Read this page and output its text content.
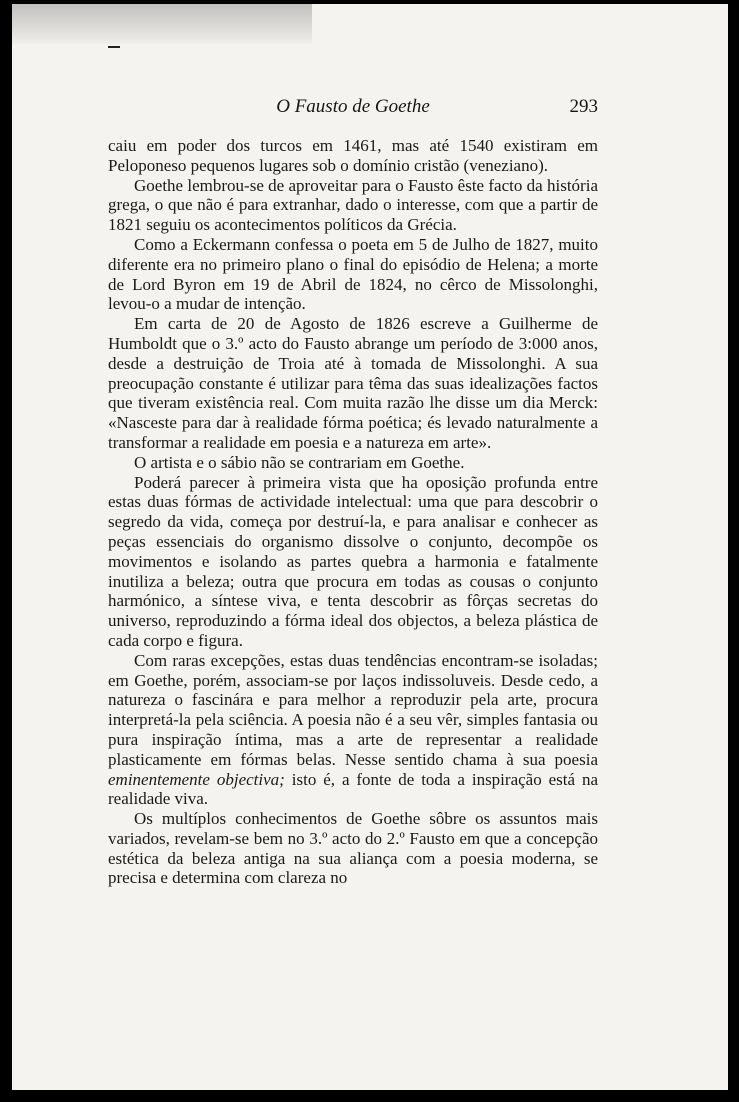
O Fausto de Goethe	293

caiu em poder dos turcos em 1461, mas até 1540 existiram em Peloponeso pequenos lugares sob o domínio cristão (veneziano).

Goethe lembrou-se de aproveitar para o Fausto êste facto da história grega, o que não é para extranhar, dado o interesse, com que a partir de 1821 seguiu os acontecimentos políticos da Grécia.

Como a Eckermann confessa o poeta em 5 de Julho de 1827, muito diferente era no primeiro plano o final do episódio de Helena; a morte de Lord Byron em 19 de Abril de 1824, no cêrco de Missolonghi, levou-o a mudar de intenção.

Em carta de 20 de Agosto de 1826 escreve a Guilherme de Humboldt que o 3.º acto do Fausto abrange um período de 3:000 anos, desde a destruição de Troia até à tomada de Missolonghi. A sua preocupação constante é utilizar para têma das suas idealizações factos que tiveram existência real. Com muita razão lhe disse um dia Merck: «Nasceste para dar à realidade fórma poética; és levado naturalmente a transformar a realidade em poesia e a natureza em arte».

O artista e o sábio não se contrariam em Goethe.

Poderá parecer à primeira vista que ha oposição profunda entre estas duas fórmas de actividade intelectual: uma que para descobrir o segredo da vida, começa por destruí-la, e para analisar e conhecer as peças essenciais do organismo dissolve o conjunto, decompõe os movimentos e isolando as partes quebra a harmonia e fatalmente inutiliza a beleza; outra que procura em todas as cousas o conjunto harmónico, a síntese viva, e tenta descobrir as fôrças secretas do universo, reproduzindo a fórma ideal dos objectos, a beleza plástica de cada corpo e figura.

Com raras excepções, estas duas tendências encontram-se isoladas; em Goethe, porém, associam-se por laços indissoluveis. Desde cedo, a natureza o fascinára e para melhor a reproduzir pela arte, procura interpretá-la pela sciência. A poesia não é a seu vêr, simples fantasia ou pura inspiração íntima, mas a arte de representar a realidade plasticamente em fórmas belas. Nesse sentido chama à sua poesia eminentemente objectiva; isto é, a fonte de toda a inspiração está na realidade viva.

Os multíplos conhecimentos de Goethe sôbre os assuntos mais variados, revelam-se bem no 3.º acto do 2.º Fausto em que a concepção estética da beleza antiga na sua aliança com a poesia moderna, se precisa e determina com clareza no
